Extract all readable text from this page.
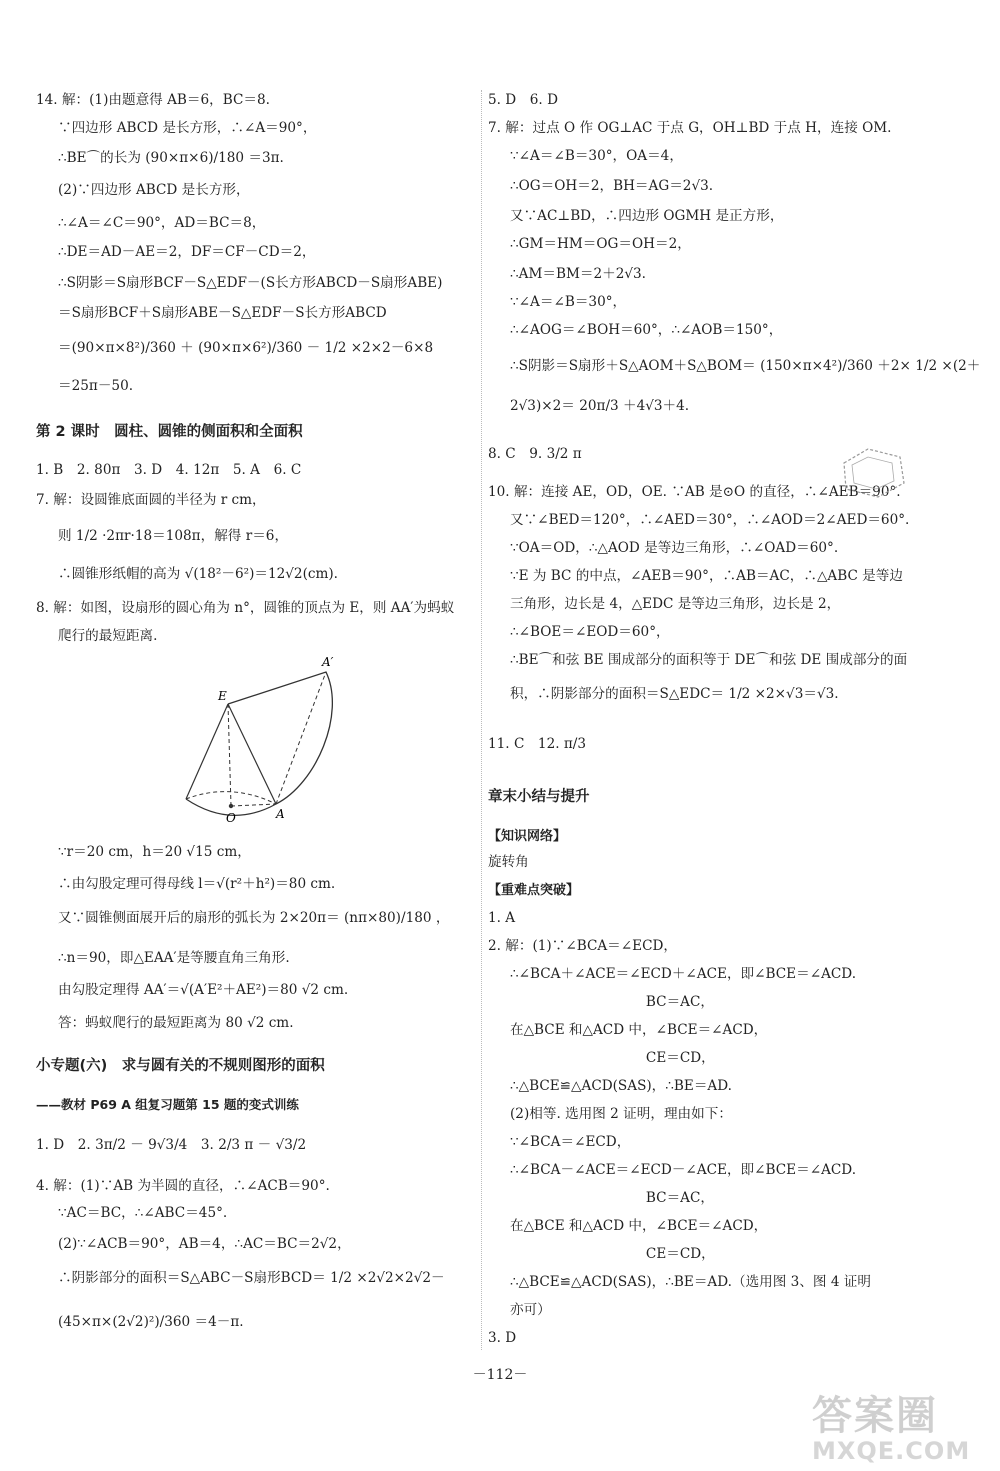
14. 解：(1)由题意得 AB＝6，BC＝8.
∵四边形 ABCD 是长方形，∴∠A＝90°，
∴BE⌒的长为 (90×π×6)/180 ＝3π.
(2)∵四边形 ABCD 是长方形，
∴∠A＝∠C＝90°，AD＝BC＝8，
∴DE＝AD－AE＝2，DF＝CF－CD＝2，
∴S阴影＝S扇形BCF－S△EDF－(S长方形ABCD－S扇形ABE)
＝S扇形BCF＋S扇形ABE－S△EDF－S长方形ABCD
＝(90×π×8²)/360 ＋ (90×π×6²)/360 － 1/2 ×2×2－6×8
＝25π－50.
第 2 课时　圆柱、圆锥的侧面积和全面积
1. B　2. 80π　3. D　4. 12π　5. A　6. C
7. 解：设圆锥底面圆的半径为 r cm，
则 1/2 ·2πr·18＝108π，解得 r＝6，
∴圆锥形纸帽的高为 √(18²－6²)＝12√2(cm).
8. 解：如图，设扇形的圆心角为 n°，圆锥的顶点为 E，则 AA′为蚂蚁
爬行的最短距离.
∵r＝20 cm，h＝20 √15 cm，
∴由勾股定理可得母线 l＝√(r²＋h²)＝80 cm.
又∵圆锥侧面展开后的扇形的弧长为 2×20π＝ (nπ×80)/180 ，
∴n＝90，即△EAA′是等腰直角三角形.
由勾股定理得 AA′＝√(A′E²＋AE²)＝80 √2 cm.
答：蚂蚁爬行的最短距离为 80 √2 cm.
小专题(六)　求与圆有关的不规则图形的面积
——教材 P69 A 组复习题第 15 题的变式训练
1. D　2. 3π/2 － 9√3/4　3. 2/3 π － √3/2
4. 解：(1)∵AB 为半圆的直径，∴∠ACB＝90°.
∵AC＝BC，∴∠ABC＝45°.
(2)∵∠ACB＝90°，AB＝4，∴AC＝BC＝2√2，
∴阴影部分的面积＝S△ABC－S扇形BCD＝ 1/2 ×2√2×2√2－
(45×π×(2√2)²)/360 ＝4－π.
5. D　6. D
7. 解：过点 O 作 OG⊥AC 于点 G，OH⊥BD 于点 H，连接 OM.
∵∠A＝∠B＝30°，OA＝4，
∴OG＝OH＝2，BH＝AG＝2√3.
又∵AC⊥BD，∴四边形 OGMH 是正方形，
∴GM＝HM＝OG＝OH＝2，
∴AM＝BM＝2＋2√3.
∵∠A＝∠B＝30°，
∴∠AOG＝∠BOH＝60°，∴∠AOB＝150°，
∴S阴影＝S扇形＋S△AOM＋S△BOM＝ (150×π×4²)/360 ＋2× 1/2 ×(2＋
2√3)×2＝ 20π/3 ＋4√3＋4.
8. C　9. 3/2 π
10. 解：连接 AE，OD，OE. ∵AB 是⊙O 的直径，∴∠AEB＝90°.
又∵∠BED＝120°，∴∠AED＝30°，∴∠AOD＝2∠AED＝60°.
∵OA＝OD，∴△AOD 是等边三角形，∴∠OAD＝60°.
∵E 为 BC 的中点，∠AEB＝90°，∴AB＝AC，∴△ABC 是等边
三角形，边长是 4，△EDC 是等边三角形，边长是 2，
∴∠BOE＝∠EOD＝60°，
∴BE⌒和弦 BE 围成部分的面积等于 DE⌒和弦 DE 围成部分的面
积，∴阴影部分的面积＝S△EDC＝ 1/2 ×2×√3＝√3.
11. C　12. π/3
章末小结与提升
【知识网络】
旋转角
【重难点突破】
1. A
2. 解：(1)∵∠BCA＝∠ECD，
∴∠BCA＋∠ACE＝∠ECD＋∠ACE，即∠BCE＝∠ACD.
　　　　　　　　　　BC＝AC，
在△BCE 和△ACD 中，∠BCE＝∠ACD，
　　　　　　　　　　CE＝CD，
∴△BCE≌△ACD(SAS)，∴BE＝AD.
(2)相等. 选用图 2 证明，理由如下：
∵∠BCA＝∠ECD，
∴∠BCA－∠ACE＝∠ECD－∠ACE，即∠BCE＝∠ACD.
　　　　　　　　　　BC＝AC，
在△BCE 和△ACD 中，∠BCE＝∠ACD，
　　　　　　　　　　CE＝CD，
∴△BCE≌△ACD(SAS)，∴BE＝AD.（选用图 3、图 4 证明
亦可）
3. D
E
A′
A
O
－112－
答案圈
MXQE.COM
